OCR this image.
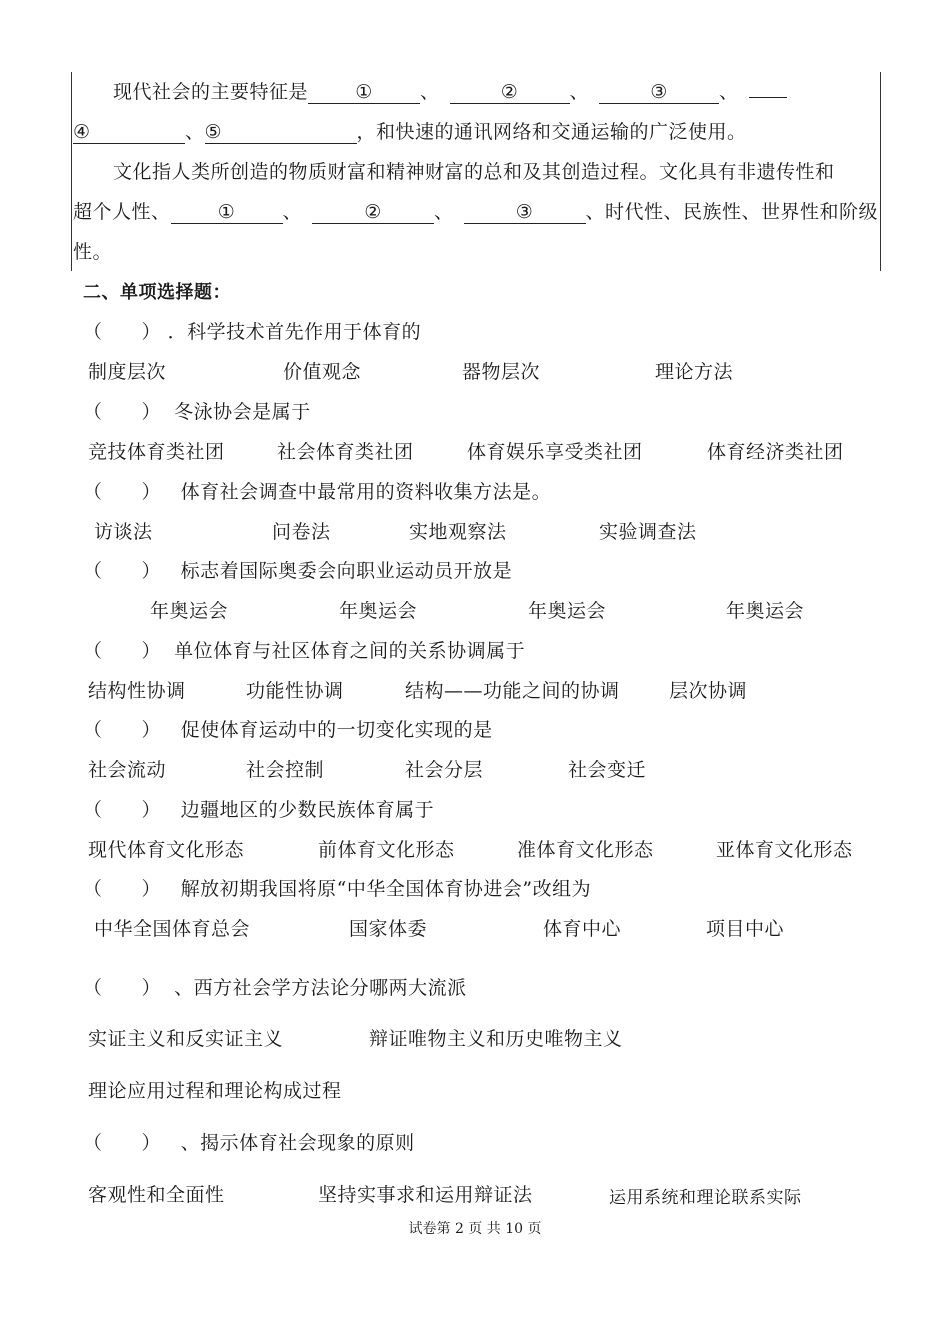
现代社会的主要特征是 ① 、	②	、	③	、
④	、⑤	，和快速的通讯网络和交通运输的广泛使用。
文化指人类所创造的物质财富和精神财富的总和及其创造过程。文化具有非遗传性和
超个人性、 ① 、	②	、	③	、时代性、民族性、世界性和阶级
性。
二、单项选择题：
（　　） ．科学技术首先作用于体育的
制度层次	价值观念	器物层次	理论方法
（　　） 冬泳协会是属于
竞技体育类社团	社会体育类社团	体育娱乐享受类社团	体育经济类社团
（　　） 体育社会调查中最常用的资料收集方法是。
访谈法	问卷法	实地观察法	实验调查法
（　　） 标志着国际奥委会向职业运动员开放是
年奥运会	年奥运会	年奥运会	年奥运会
（　　） 单位体育与社区体育之间的关系协调属于
结构性协调	功能性协调	结构——功能之间的协调	层次协调
（　　） 促使体育运动中的一切变化实现的是
社会流动	社会控制	社会分层	社会变迁
（　　） 边疆地区的少数民族体育属于
现代体育文化形态	前体育文化形态	准体育文化形态	亚体育文化形态
（　　） 解放初期我国将原“中华全国体育协进会”改组为
中华全国体育总会	国家体委	体育中心	项目中心
（　　） 、西方社会学方法论分哪两大流派
实证主义和反实证主义	辩证唯物主义和历史唯物主义
理论应用过程和理论构成过程
（　　） 、揭示体育社会现象的原则
客观性和全面性	坚持实事求和运用辩证法	运用系统和理论联系实际
试卷第 2 页 共 10 页
